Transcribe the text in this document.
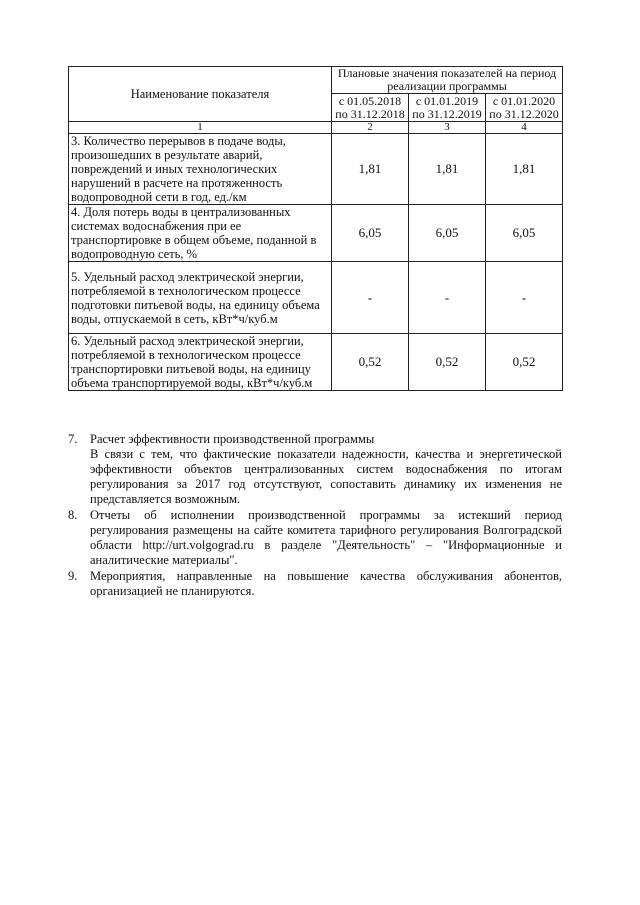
Наименование показателя	Плановые значения показателей на период реализации программы		
	с 01.05.2018 по 31.12.2018	с 01.01.2019 по 31.12.2019	с 01.01.2020 по 31.12.2020
1	2	3	4
3. Количество перерывов в подаче воды, произошедших в результате аварий, повреждений и иных технологических нарушений в расчете на протяженность водопроводной сети в год, ед./км	1,81	1,81	1,81
4. Доля потерь воды в централизованных системах водоснабжения при ее транспортировке в общем объеме, поданной в водопроводную сеть, %	6,05	6,05	6,05
5. Удельный расход электрической энергии, потребляемой в технологическом процессе подготовки питьевой воды, на единицу объема воды, отпускаемой в сеть, кВт*ч/куб.м	-	-	-
6. Удельный расход электрической энергии, потребляемой в технологическом процессе транспортировки питьевой воды, на единицу объема транспортируемой воды, кВт*ч/куб.м	0,52	0,52	0,52
7. Расчет эффективности производственной программы
В связи с тем, что фактические показатели надежности, качества и энергетической эффективности объектов централизованных систем водоснабжения по итогам регулирования за 2017 год отсутствуют, сопоставить динамику их изменения не представляется возможным.
8. Отчеты об исполнении производственной программы за истекший период регулирования размещены на сайте комитета тарифного регулирования Волгоградской области http://urt.volgograd.ru в разделе "Деятельность" – "Информационные и аналитические материалы".
9. Мероприятия, направленные на повышение качества обслуживания абонентов, организацией не планируются.
